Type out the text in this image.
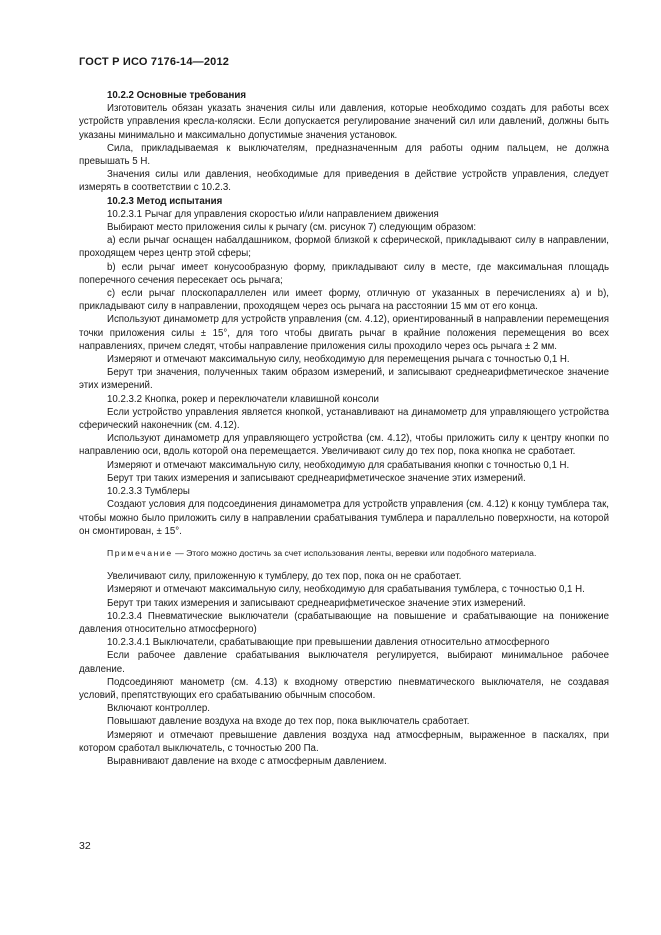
ГОСТ Р ИСО 7176-14—2012

10.2.2 Основные требования

Изготовитель обязан указать значения силы или давления, которые необходимо создать для работы всех устройств управления кресла-коляски. Если допускается регулирование значений сил или давлений, должны быть указаны минимально и максимально допустимые значения установок.

Сила, прикладываемая к выключателям, предназначенным для работы одним пальцем, не должна превышать 5 Н.

Значения силы или давления, необходимые для приведения в действие устройств управления, следует измерять в соответствии с 10.2.3.

10.2.3 Метод испытания

10.2.3.1 Рычаг для управления скоростью и/или направлением движения

Выбирают место приложения силы к рычагу (см. рисунок 7) следующим образом:

a) если рычаг оснащен набалдашником, формой близкой к сферической, прикладывают силу в направлении, проходящем через центр этой сферы;

b) если рычаг имеет конусообразную форму, прикладывают силу в месте, где максимальная площадь поперечного сечения пересекает ось рычага;

c) если рычаг плоскопараллелен или имеет форму, отличную от указанных в перечислениях а) и b), прикладывают силу в направлении, проходящем через ось рычага на расстоянии 15 мм от его конца.

Используют динамометр для устройств управления (см. 4.12), ориентированный в направлении перемещения точки приложения силы ± 15°, для того чтобы двигать рычаг в крайние положения перемещения во всех направлениях, причем следят, чтобы направление приложения силы проходило через ось рычага ± 2 мм.

Измеряют и отмечают максимальную силу, необходимую для перемещения рычага с точностью 0,1 Н.

Берут три значения, полученных таким образом измерений, и записывают среднеарифметическое значение этих измерений.

10.2.3.2 Кнопка, рокер и переключатели клавишной консоли

Если устройство управления является кнопкой, устанавливают на динамометр для управляющего устройства сферический наконечник (см. 4.12).

Используют динамометр для управляющего устройства (см. 4.12), чтобы приложить силу к центру кнопки по направлению оси, вдоль которой она перемещается. Увеличивают силу до тех пор, пока кнопка не сработает.

Измеряют и отмечают максимальную силу, необходимую для срабатывания кнопки с точностью 0,1 Н.

Берут три таких измерения и записывают среднеарифметическое значение этих измерений.

10.2.3.3 Тумблеры

Создают условия для подсоединения динамометра для устройств управления (см. 4.12) к концу тумблера так, чтобы можно было приложить силу в направлении срабатывания тумблера и параллельно поверхности, на которой он смонтирован, ± 15°.

Примечание — Этого можно достичь за счет использования ленты, веревки или подобного материала.

Увеличивают силу, приложенную к тумблеру, до тех пор, пока он не сработает.

Измеряют и отмечают максимальную силу, необходимую для срабатывания тумблера, с точностью 0,1 Н.

Берут три таких измерения и записывают среднеарифметическое значение этих измерений.

10.2.3.4 Пневматические выключатели (срабатывающие на повышение и срабатывающие на понижение давления относительно атмосферного)

10.2.3.4.1 Выключатели, срабатывающие при превышении давления относительно атмосферного

Если рабочее давление срабатывания выключателя регулируется, выбирают минимальное рабочее давление.

Подсоединяют манометр (см. 4.13) к входному отверстию пневматического выключателя, не создавая условий, препятствующих его срабатыванию обычным способом.

Включают контроллер.

Повышают давление воздуха на входе до тех пор, пока выключатель сработает.

Измеряют и отмечают превышение давления воздуха над атмосферным, выраженное в паскалях, при котором сработал выключатель, с точностью 200 Па.

Выравнивают давление на входе с атмосферным давлением.

32
